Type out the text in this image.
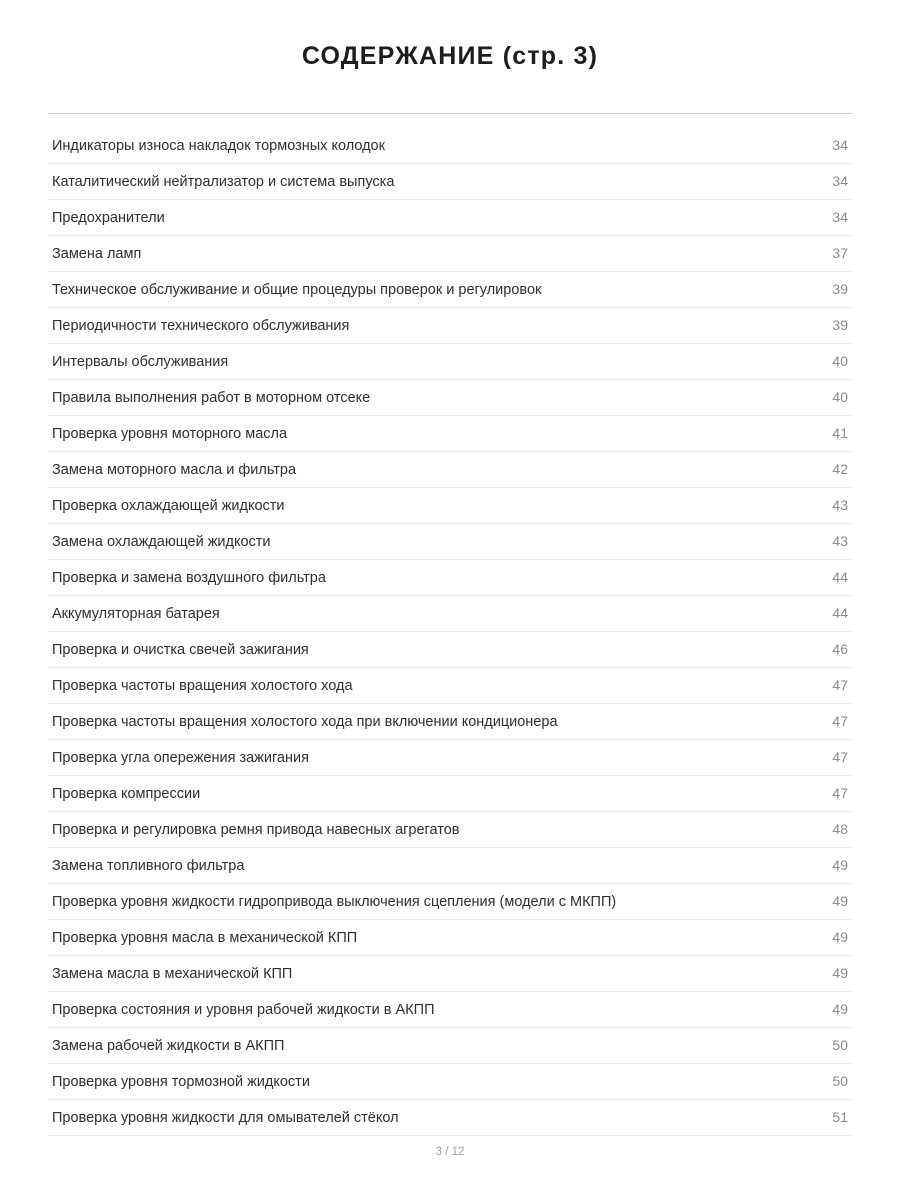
СОДЕРЖАНИЕ (стр. 3)
Индикаторы износа накладок тормозных колодок	34
Каталитический нейтрализатор и система выпуска	34
Предохранители	34
Замена ламп	37
Техническое обслуживание и общие процедуры проверок и регулировок	39
Периодичности технического обслуживания	39
Интервалы обслуживания	40
Правила выполнения работ в моторном отсеке	40
Проверка уровня моторного масла	41
Замена моторного масла и фильтра	42
Проверка охлаждающей жидкости	43
Замена охлаждающей жидкости	43
Проверка и замена воздушного фильтра	44
Аккумуляторная батарея	44
Проверка и очистка свечей зажигания	46
Проверка частоты вращения холостого хода	47
Проверка частоты вращения холостого хода при включении кондиционера	47
Проверка угла опережения зажигания	47
Проверка компрессии	47
Проверка и регулировка ремня привода навесных агрегатов	48
Замена топливного фильтра	49
Проверка уровня жидкости гидропривода выключения сцепления (модели с МКПП)	49
Проверка уровня масла в механической КПП	49
Замена масла в механической КПП	49
Проверка состояния и уровня рабочей жидкости в АКПП	49
Замена рабочей жидкости в АКПП	50
Проверка уровня тормозной жидкости	50
Проверка уровня жидкости для омывателей стёкол	51
3 / 12
